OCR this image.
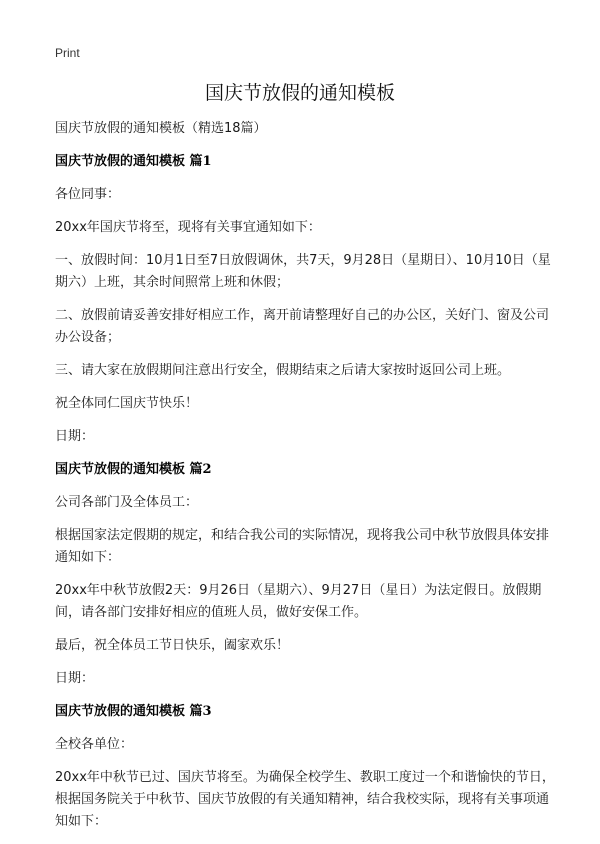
Print
国庆节放假的通知模板
国庆节放假的通知模板（精选18篇）
国庆节放假的通知模板 篇1
各位同事：
20xx年国庆节将至，现将有关事宜通知如下：
一、放假时间：10月1日至7日放假调休，共7天，9月28日（星期日）、10月10日（星期六）上班，其余时间照常上班和休假；
二、放假前请妥善安排好相应工作，离开前请整理好自己的办公区，关好门、窗及公司办公设备；
三、请大家在放假期间注意出行安全，假期结束之后请大家按时返回公司上班。
祝全体同仁国庆节快乐！
日期：
国庆节放假的通知模板 篇2
公司各部门及全体员工：
根据国家法定假期的规定，和结合我公司的实际情况，现将我公司中秋节放假具体安排通知如下：
20xx年中秋节放假2天：9月26日（星期六）、9月27日（星日）为法定假日。放假期间，请各部门安排好相应的值班人员，做好安保工作。
最后，祝全体员工节日快乐，阖家欢乐！
日期：
国庆节放假的通知模板 篇3
全校各单位：
20xx年中秋节已过、国庆节将至。为确保全校学生、教职工度过一个和谐愉快的节日，根据国务院关于中秋节、国庆节放假的有关通知精神，结合我校实际，现将有关事项通知如下：
